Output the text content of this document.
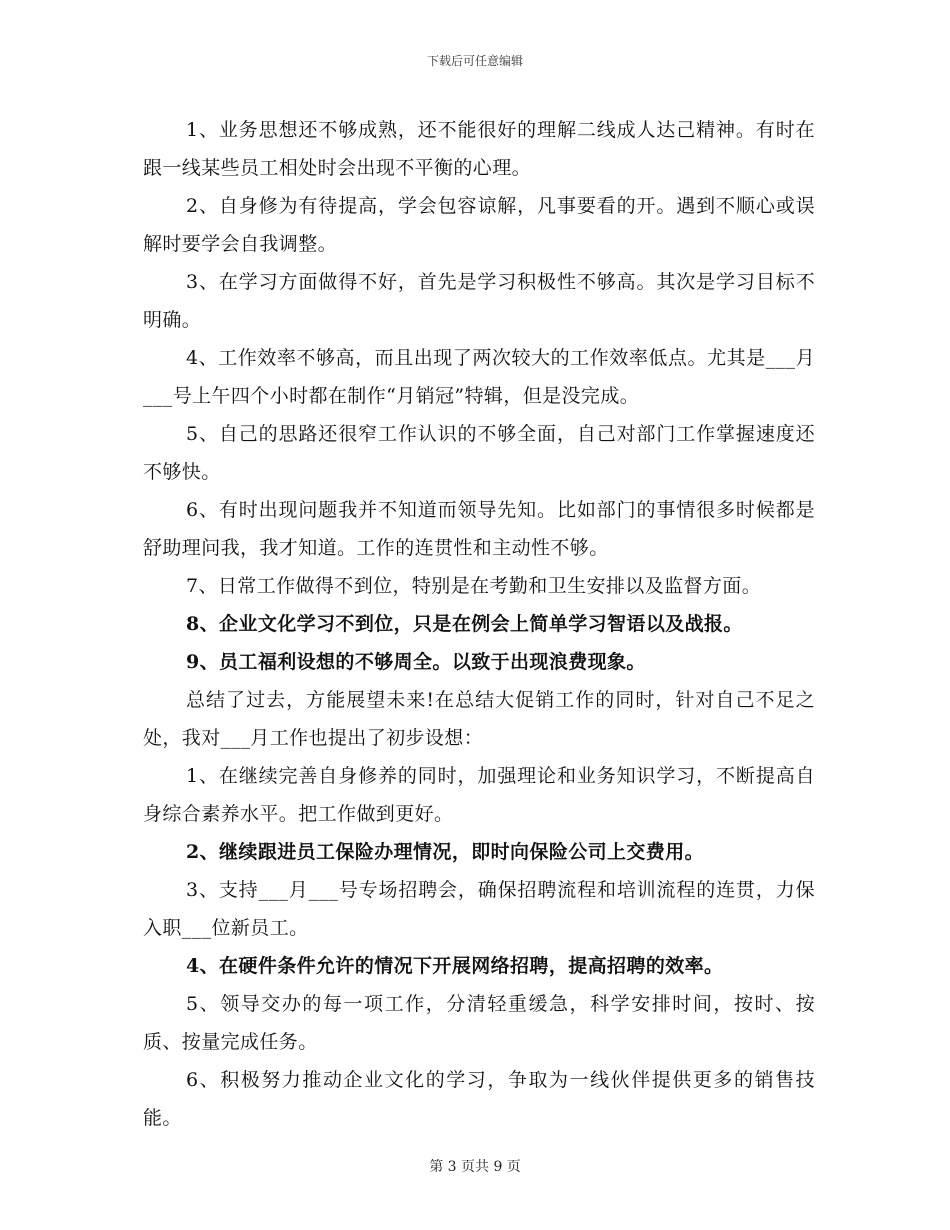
下载后可任意编辑

1、业务思想还不够成熟，还不能很好的理解二线成人达己精神。有时在跟一线某些员工相处时会出现不平衡的心理。

2、自身修为有待提高，学会包容谅解，凡事要看的开。遇到不顺心或误解时要学会自我调整。

3、在学习方面做得不好，首先是学习积极性不够高。其次是学习目标不明确。

4、工作效率不够高，而且出现了两次较大的工作效率低点。尤其是___月___号上午四个小时都在制作“月销冠”特辑，但是没完成。

5、自己的思路还很窄工作认识的不够全面，自己对部门工作掌握速度还不够快。

6、有时出现问题我并不知道而领导先知。比如部门的事情很多时候都是舒助理问我，我才知道。工作的连贯性和主动性不够。

7、日常工作做得不到位，特别是在考勤和卫生安排以及监督方面。

8、企业文化学习不到位，只是在例会上简单学习智语以及战报。

9、员工福利设想的不够周全。以致于出现浪费现象。

总结了过去，方能展望未来!在总结大促销工作的同时，针对自己不足之处，我对___月工作也提出了初步设想：

1、在继续完善自身修养的同时，加强理论和业务知识学习，不断提高自身综合素养水平。把工作做到更好。

2、继续跟进员工保险办理情况，即时向保险公司上交费用。

3、支持___月___号专场招聘会，确保招聘流程和培训流程的连贯，力保入职___位新员工。

4、在硬件条件允许的情况下开展网络招聘，提高招聘的效率。

5、领导交办的每一项工作，分清轻重缓急，科学安排时间，按时、按质、按量完成任务。

6、积极努力推动企业文化的学习，争取为一线伙伴提供更多的销售技能。

第 3 页共 9 页
